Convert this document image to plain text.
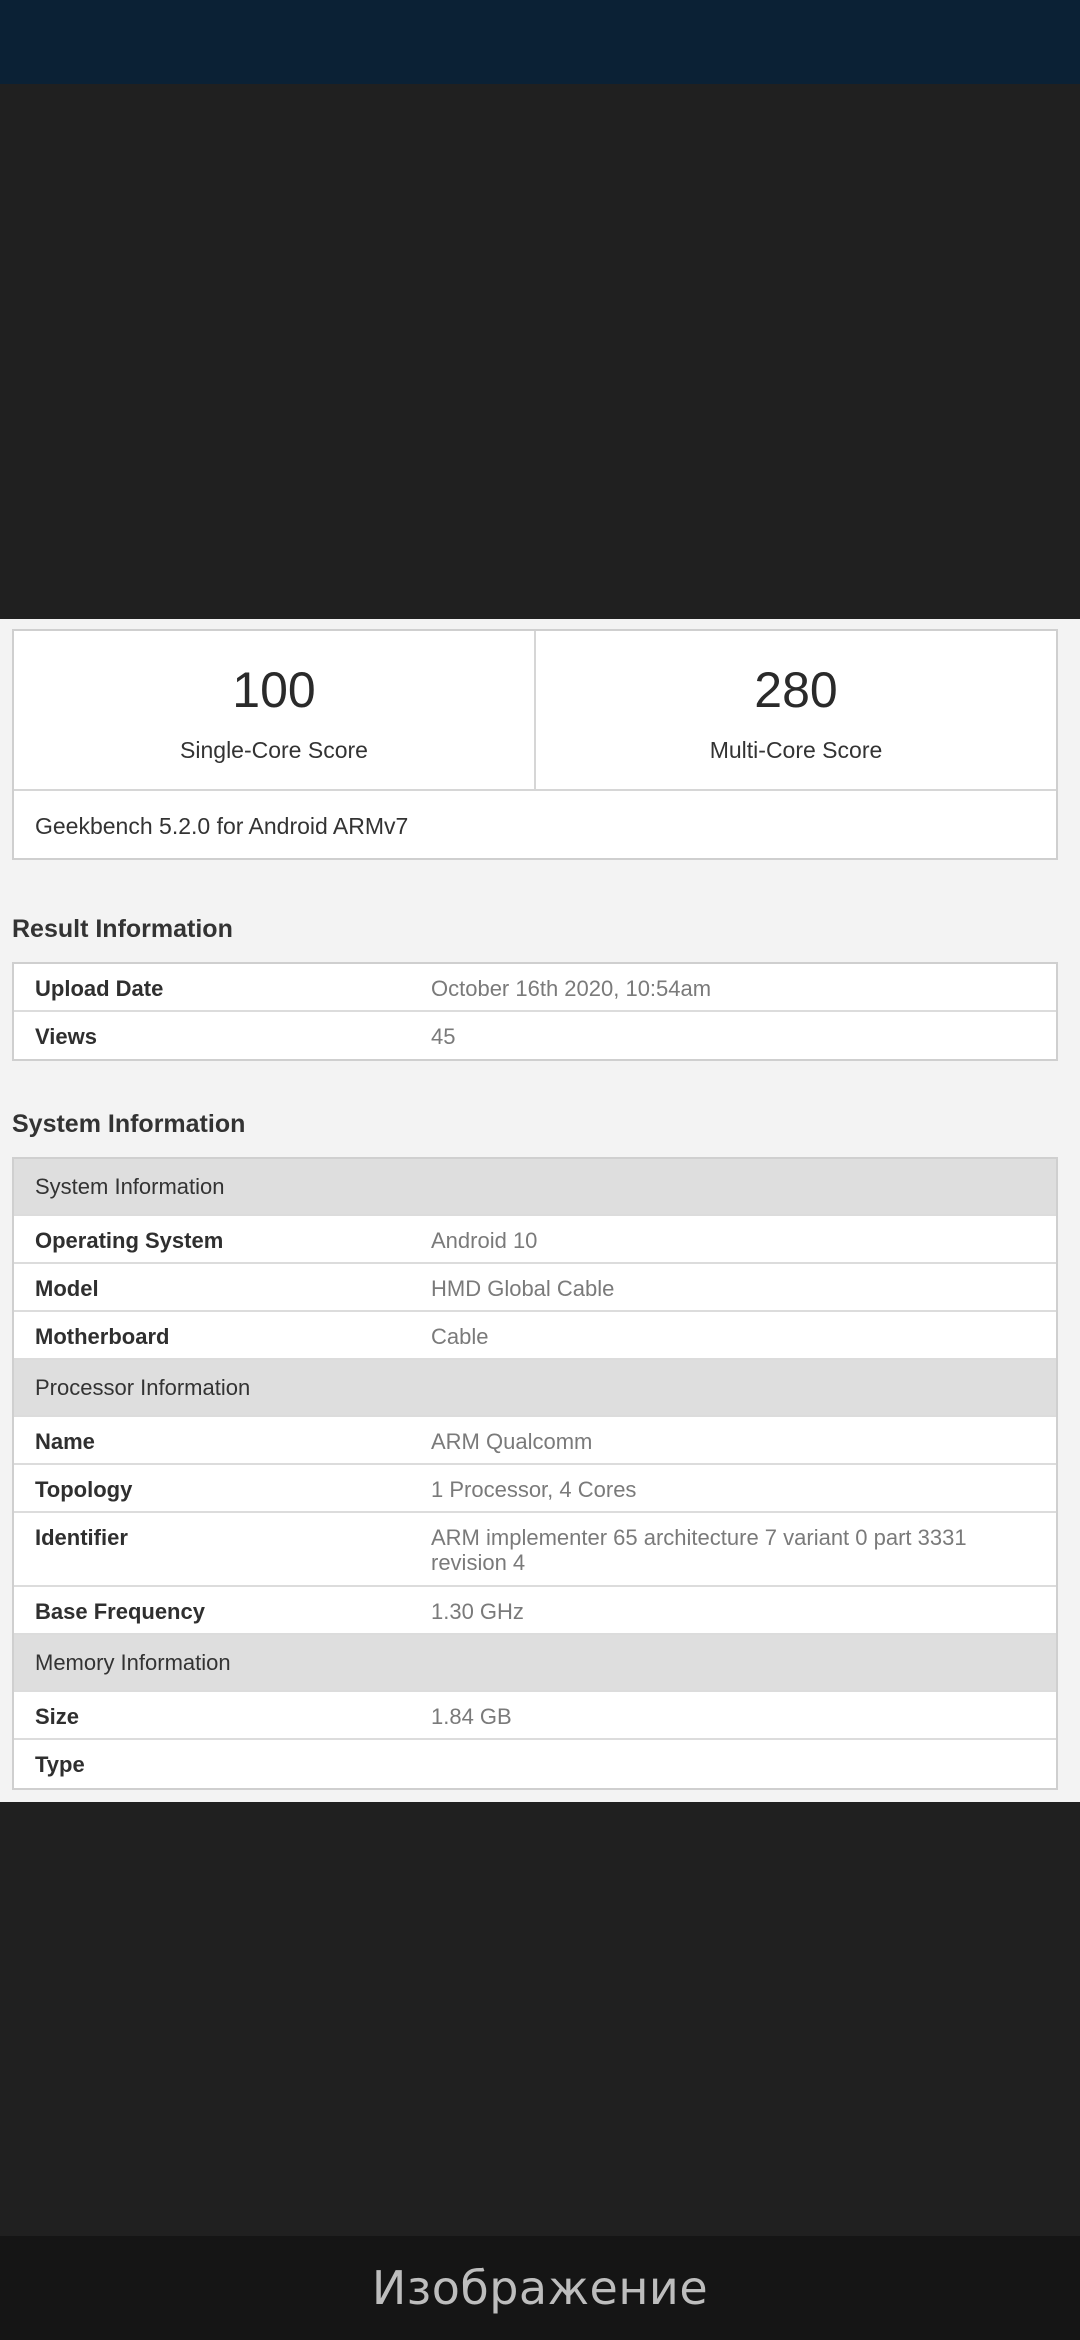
100
Single-Core Score
280
Multi-Core Score
Geekbench 5.2.0 for Android ARMv7
Result Information
Upload Date	October 16th 2020, 10:54am
Views	45
System Information
System Information
Operating System	Android 10
Model	HMD Global Cable
Motherboard	Cable
Processor Information
Name	ARM Qualcomm
Topology	1 Processor, 4 Cores
Identifier	ARM implementer 65 architecture 7 variant 0 part 3331 revision 4
Base Frequency	1.30 GHz
Memory Information
Size	1.84 GB
Type
Изображение
